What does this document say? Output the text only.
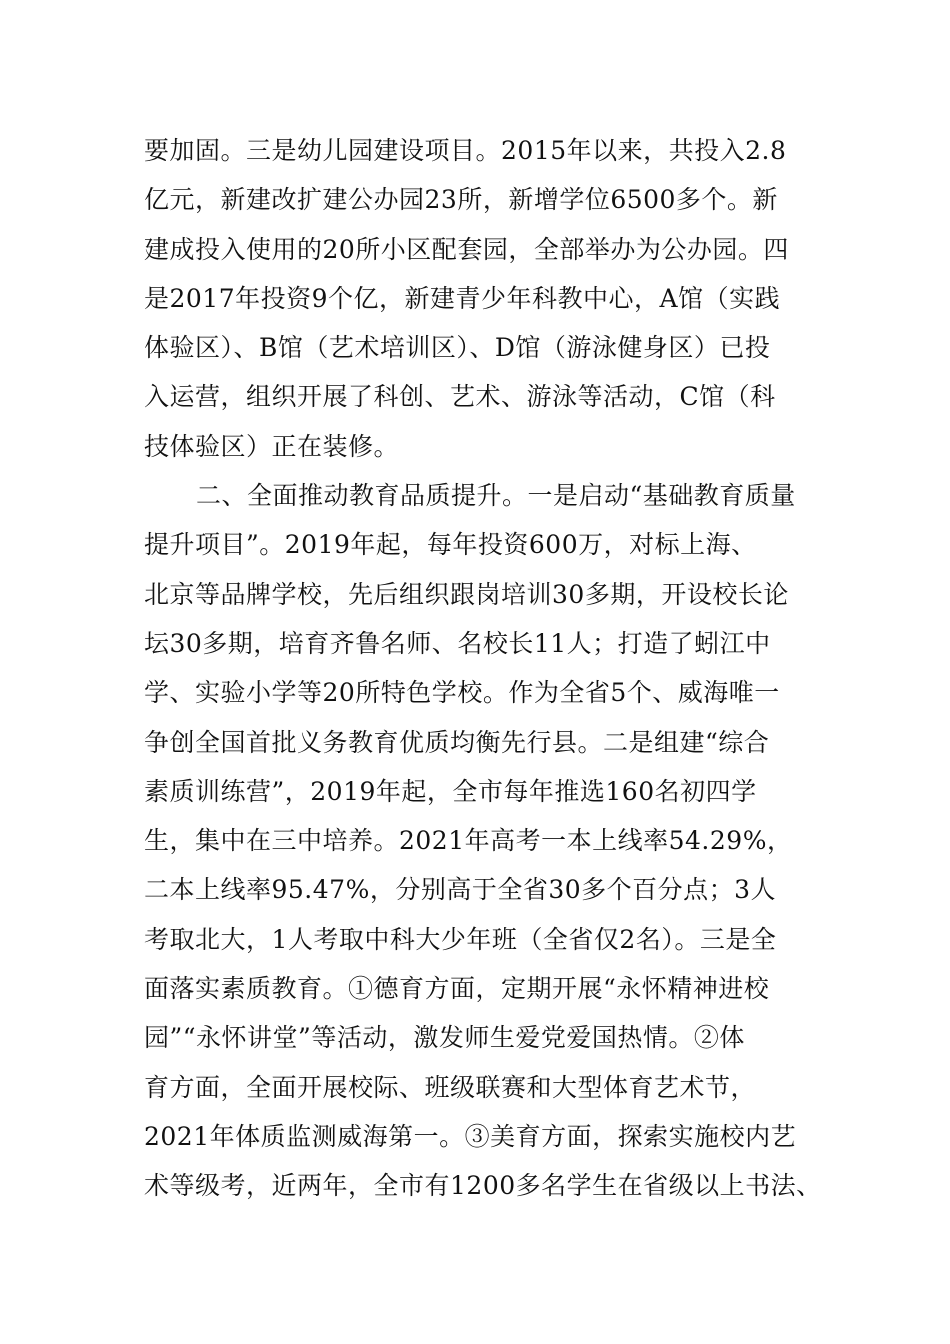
要加固。三是幼儿园建设项目。2015年以来，共投入2.8
亿元，新建改扩建公办园23所，新增学位6500多个。新
建成投入使用的20所小区配套园，全部举办为公办园。四
是2017年投资9个亿，新建青少年科教中心，A馆（实践
体验区）、B馆（艺术培训区）、D馆（游泳健身区）已投
入运营，组织开展了科创、艺术、游泳等活动，C馆（科
技体验区）正在装修。
二、全面推动教育品质提升。一是启动“基础教育质量
提升项目”。2019年起，每年投资600万，对标上海、
北京等品牌学校，先后组织跟岗培训30多期，开设校长论
坛30多期，培育齐鲁名师、名校长11人；打造了蚓江中
学、实验小学等20所特色学校。作为全省5个、威海唯一
争创全国首批义务教育优质均衡先行县。二是组建“综合
素质训练营”，2019年起，全市每年推选160名初四学
生，集中在三中培养。2021年高考一本上线率54.29%，
二本上线率95.47%，分别高于全省30多个百分点；3人
考取北大，1人考取中科大少年班（全省仅2名）。三是全
面落实素质教育。①德育方面，定期开展“永怀精神进校
园”“永怀讲堂”等活动，激发师生爱党爱国热情。②体
育方面，全面开展校际、班级联赛和大型体育艺术节，
2021年体质监测威海第一。③美育方面，探索实施校内艺
术等级考，近两年，全市有1200多名学生在省级以上书法、
